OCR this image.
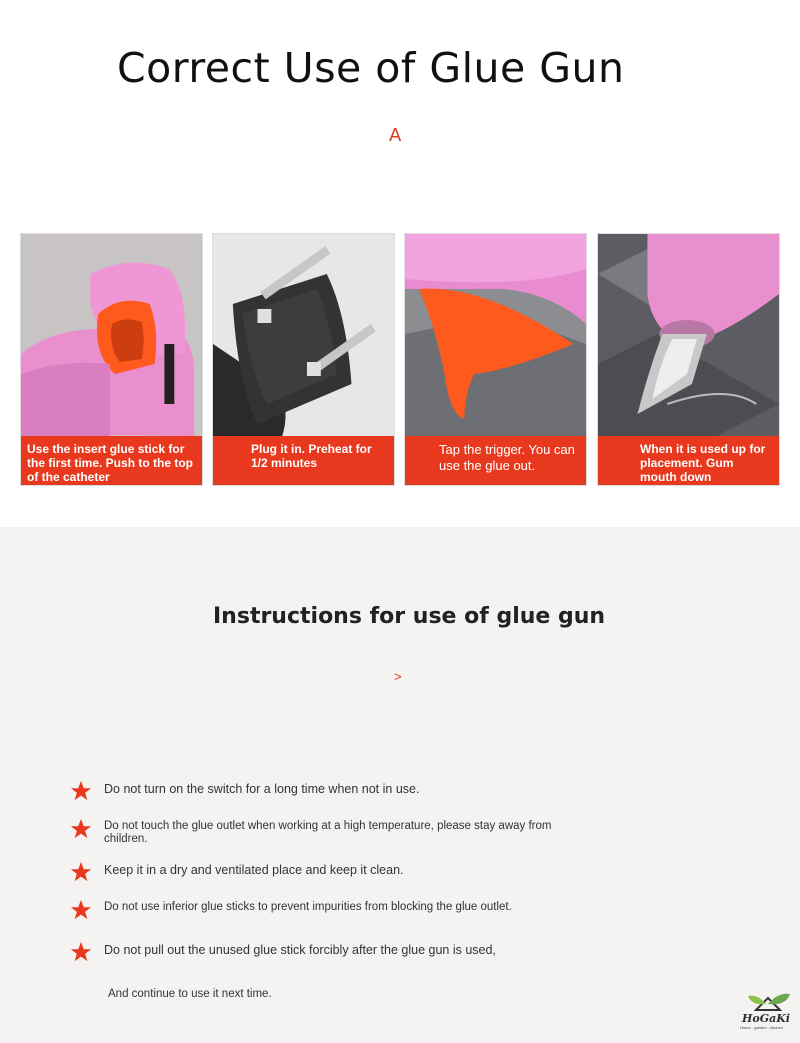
Correct Use of Glue Gun
A
Use the insert glue stick for the first time. Push to the top of the catheter
Plug it in. Preheat for 1/2 minutes
Tap the trigger. You can use the glue out.
When it is used up for placement. Gum mouth down
Instructions for use of glue gun
>
Do not turn on the switch for a long time when not in use.
Do not touch the glue outlet when working at a high temperature, please stay away from children.
Keep it in a dry and ventilated place and keep it clean.
Do not use inferior glue sticks to prevent impurities from blocking the glue outlet.
Do not pull out the unused glue stick forcibly after the glue gun is used,
And continue to use it next time.
HoGaKi
Home - garden - kitchen
